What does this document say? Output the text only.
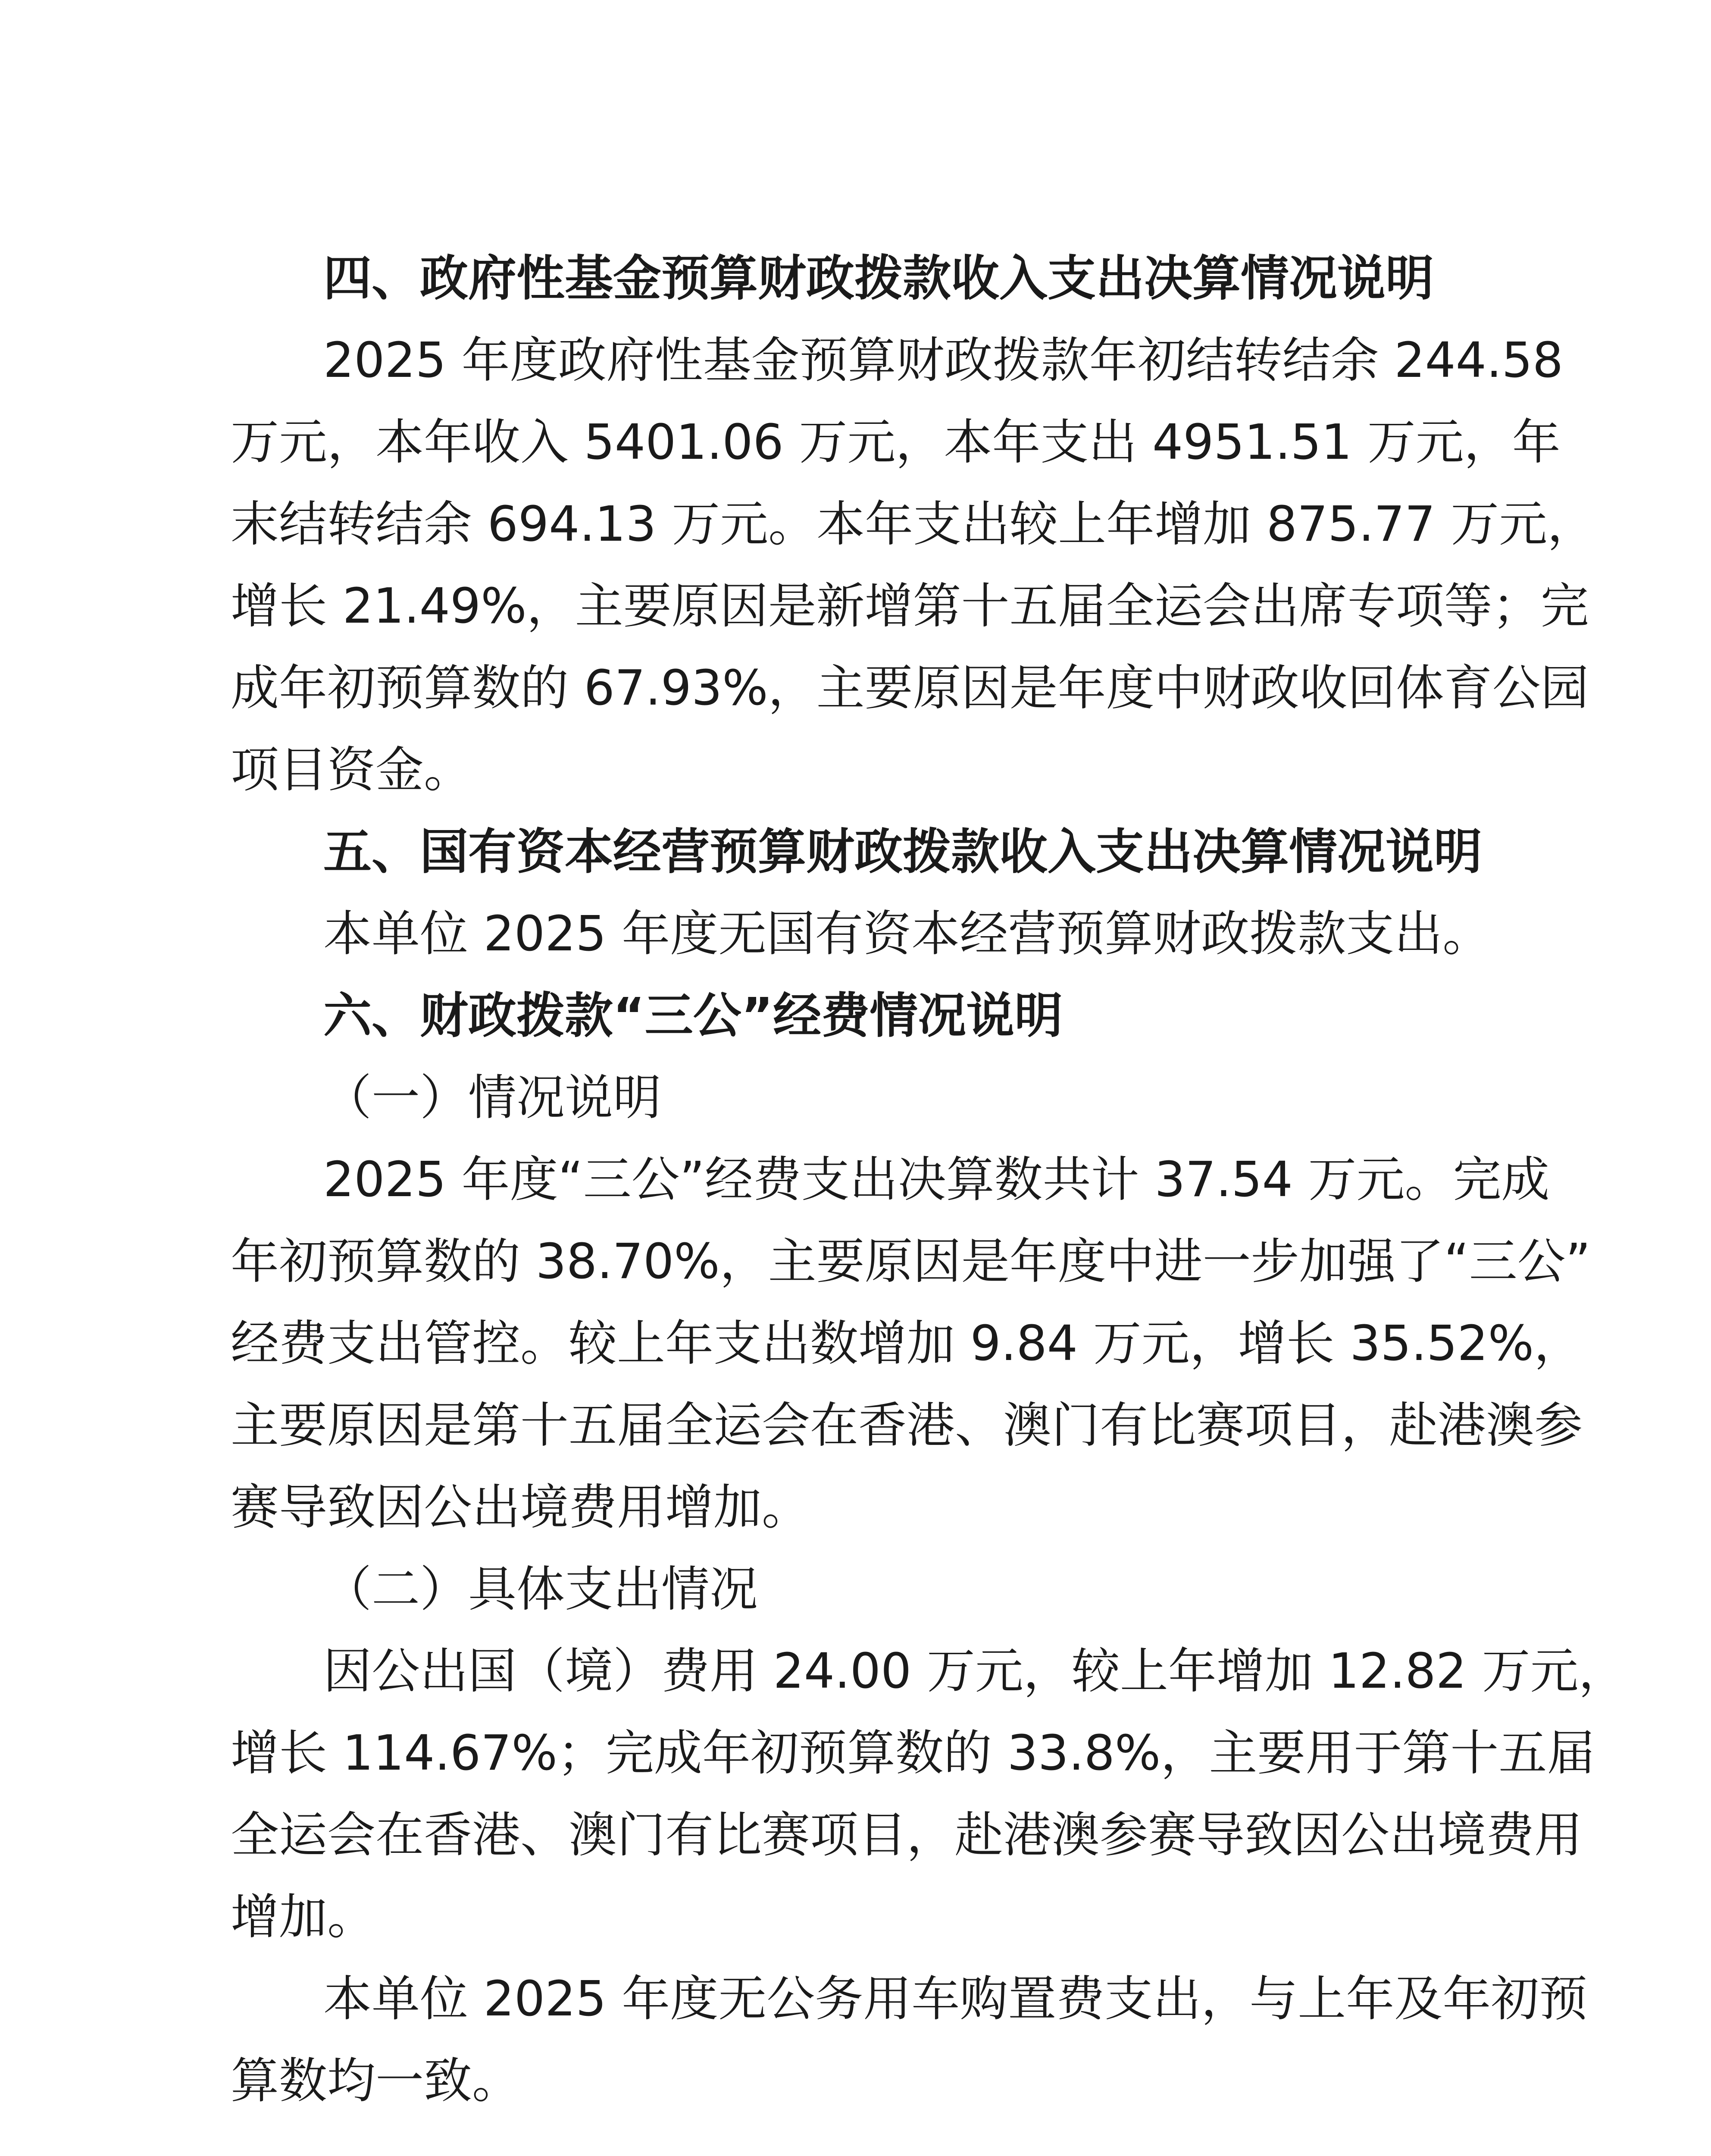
四、政府性基金预算财政拨款收入支出决算情况说明
2025 年度政府性基金预算财政拨款年初结转结余 244.58
万元，本年收入 5401.06 万元，本年支出 4951.51 万元，年
末结转结余 694.13 万元。本年支出较上年增加 875.77 万元，
增长 21.49%，主要原因是新增第十五届全运会出席专项等；完
成年初预算数的 67.93%，主要原因是年度中财政收回体育公园
项目资金。
五、国有资本经营预算财政拨款收入支出决算情况说明
本单位 2025 年度无国有资本经营预算财政拨款支出。
六、财政拨款“三公”经费情况说明
（一）情况说明
2025 年度“三公”经费支出决算数共计 37.54 万元。完成
年初预算数的 38.70%，主要原因是年度中进一步加强了“三公”
经费支出管控。较上年支出数增加 9.84 万元，增长 35.52%，
主要原因是第十五届全运会在香港、澳门有比赛项目，赴港澳参
赛导致因公出境费用增加。
（二）具体支出情况
因公出国（境）费用 24.00 万元，较上年增加 12.82 万元，
增长 114.67%；完成年初预算数的 33.8%，主要用于第十五届
全运会在香港、澳门有比赛项目，赴港澳参赛导致因公出境费用
增加。
本单位 2025 年度无公务用车购置费支出，与上年及年初预
算数均一致。
